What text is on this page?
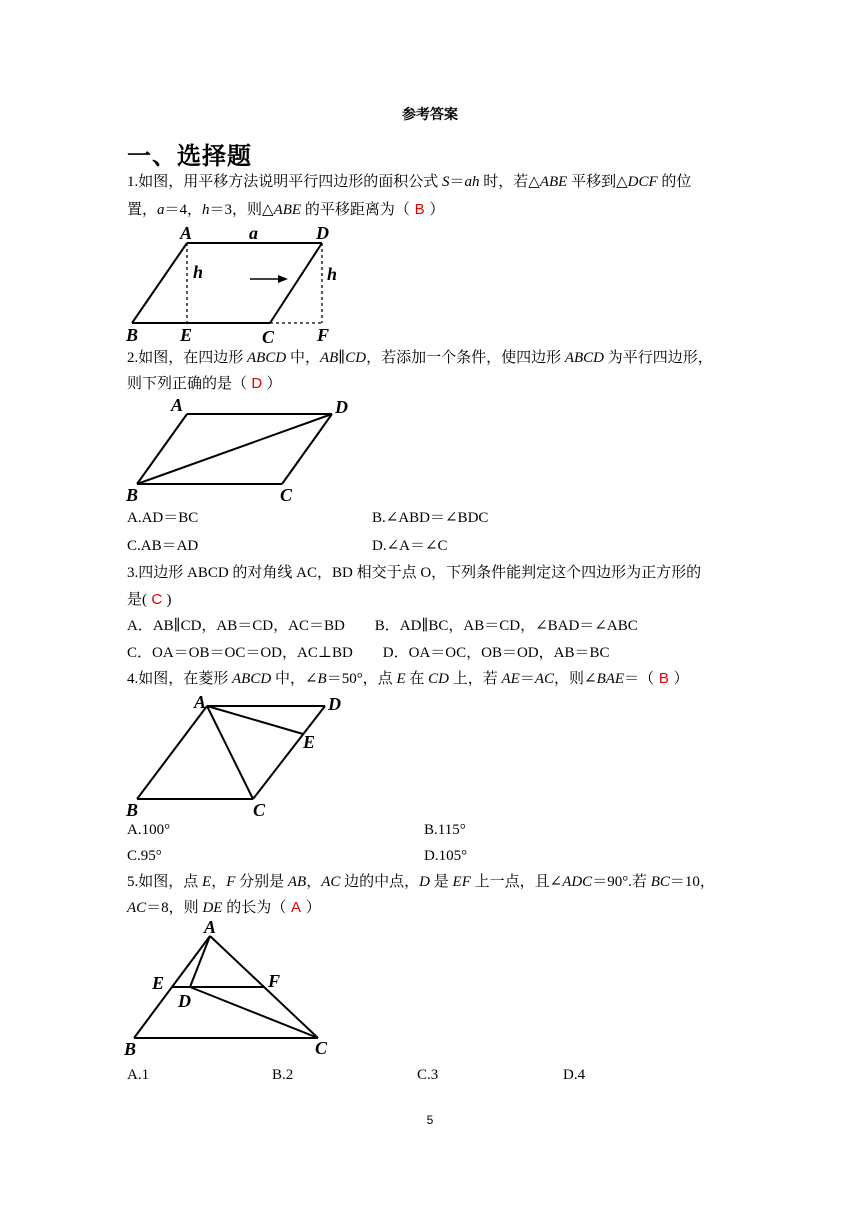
参考答案
一、选择题
1.如图，用平移方法说明平行四边形的面积公式 S＝ah 时，若△ABE 平移到△DCF 的位
置，a＝4，h＝3，则△ABE 的平移距离为（ B ）
A	a	D
h	h
B E	C F
2.如图，在四边形 ABCD 中，AB∥CD，若添加一个条件，使四边形 ABCD 为平行四边形，
则下列正确的是（ D ）
A	D
B	C
A.AD＝BC	B.∠ABD＝∠BDC
C.AB＝AD	D.∠A＝∠C
3.四边形 ABCD 的对角线 AC，BD 相交于点 O，下列条件能判定这个四边形为正方形的
是( C )
A．AB∥CD，AB＝CD，AC＝BD　　B．AD∥BC，AB＝CD，∠BAD＝∠ABC
C．OA＝OB＝OC＝OD，AC⊥BD　　D．OA＝OC，OB＝OD，AB＝BC
4.如图，在菱形 ABCD 中，∠B＝50°，点 E 在 CD 上，若 AE＝AC，则∠BAE＝（ B ）
A	D
E
B	C
A.100°	B.115°
C.95°	D.105°
5.如图，点 E，F 分别是 AB，AC 边的中点，D 是 EF 上一点，且∠ADC＝90°.若 BC＝10，
AC＝8，则 DE 的长为（ A ）
A
E	F
D
B	C
A.1	B.2	C.3	D.4
5
